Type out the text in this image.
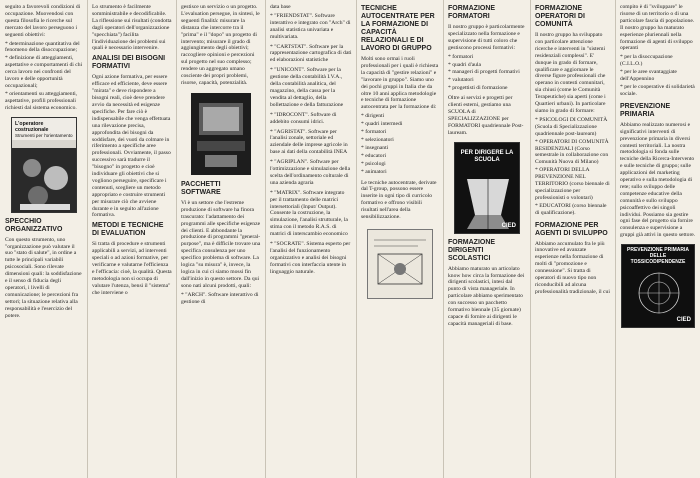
seguito a favorevoli condizioni di occupazione. Muovendosi con questa filosofia le ricerche sul mercato del lavoro perseguono i seguenti obiettivi:

* determinazione quantitativa del fenomeno della disoccupazione;
* definizione di atteggiamenti, aspettative e comportamenti di chi cerca lavoro nei confronti del lavoro e delle opportunità occupazionali;
* orientamenti su atteggiamenti, aspettative, profili professionali richiesti dal sistema economico.
L'operatore costruzionale
Strumenti per l'orientamento
SPECCHIO ORGANIZZATIVO

Con questo strumento, uno "organizzazione può valutare il suo "stato di salute", in ordine a tutte le principali variabili psicosociali. Sono rilevate dimensioni quali: la soddisfazione e il senso di fiducia degli operatori, i livelli di comunicazione; le percezioni fra settori; la situazione relativa alla responsabilità e l'esercizio del potere.

Lo strumento è facilmente somministrabile e decodificabile. La riflessione sui risultati (condotta dagli operatori dell'organizzazione "specchiata") facilita l'individuazione dei problemi sui quali è necessario intervenire.

ANALISI DEI BISOGNI FORMATIVI

Ogni azione formativa, per essere efficace ed efficiente, deve essere "mirata" e deve rispondere a bisogni reali, cioè deve prendere avvio da necessità ed esigenze specifiche. Per fare ciò è indispensabile che venga effettuata una rilevazione precisa, approfondita dei bisogni da soddisfare, dei vuoti da colmare in riferimento a specifiche aree professionali. Ovviamente, il passo successivo sarà tradurre il "bisogno" in progetto e cioè individuare gli obiettivi che si vogliono perseguire, specificare i contenuti, scegliere un metodo appropriato e costruire strumenti per misurare ciò che avviene durante e in seguito all'azione formativa.

METODI E TECNICHE DI EVALUATION

Si tratta di procedure e strumenti applicabili a servizi, ad interventi speciali o ad azioni formative, per verificarne e valutarne l'efficienza e l'efficacia: cioè, la qualità. Questa metodologia non si occupa di valutare l'utenza, bensì il "sistema" che interviene o

gestisce un servizio o un progetto. L'evaluation persegue, in sintesi, le seguenti finalità: misurare la distanza che intercorre tra il "prima" e il "dopo" un progetto di intervento; misurare il grado di aggiungimento degli obiettivi; raccogliere opinioni e percezioni sul progetto nel suo complesso; rendere un aggregato umano cosciente dei propri problemi, risorse, capacità, potenzialità.

PACCHETTI SOFTWARE

Vi è un settore che l'estreme produzione di software ha finora trascurato: l'adattamento dei programmi alle specifiche esigenze dei clienti. E abbondante la produzione di programmi "general-purpose", ma è difficile trovare una specifica consulenza per uno specifico problema di software. La logica "su misura" è, invece, la logica in cui ci siamo mossi fin dall'inizio in questo settore. Da qui sono nati alcuni prodotti, quali:

* "ARCH". Software interattivo di gestione di

data base

* "FRIENDSTAT". Software interattivo e integrato con "Arch" di analisi statistica univariata e multivariata.
* "CARTSTAT". Software per la rappresentazione cartografica di dati ed elaborazioni statistiche
* "UNICONT". Software per la gestione della contabilità I.V.A., della contabilità analitica, del magazzino, della cassa per la vendita al dettaglio, della bollettazione e della fatturazione
* "IDROCONT". Software di addebito consumi idrici.
* "AGRISTAT". Software per l'analisi zonale, settoriale ed aziendale delle imprese agricole in base ai dati della contabilità INEA
* "AGRIPLAN". Software per l'ottimizzazione e simulazione della scelta dell'ordinamento colturale di una azienda agraria
* "MATRIX". Software integrato per il trattamento delle matrici intersettoriali (Input/ Output). Consente la costruzione, la simulazione, l'analisi strutturale, la stima con il metodo R.A.S. di matrici di interscambio economico
* "SOCRATE". Sistema esperto per l'analisi del funzionamento organizzativo e analisi dei bisogni formativi con interfaccia utente in linguaggio naturale.
TECNICHE AUTOCENTRATE PER LA FORMAZIONE DI CAPACITÀ RELAZIONALI E DI LAVORO DI GRUPPO

Molti sono ormai i ruoli professionali per i quali è richiesta la capacità di "gestire relazioni" e "lavorare in gruppo". Siamo uno dei pochi gruppi in Italia che da oltre 10 anni applica metodologie e tecniche di formazione autocentrata per la formazione di:

* dirigenti
* quadri intermedi
* formatori
* selezionatori
* insegnanti
* educatori
* psicologi
* animatori

Le tecniche autocentrate, derivate dal T-group, possono essere inserite in ogni tipo di curricolo formativo e offrono visibili risultati nell'area della sensibilizzazione.

FORMAZIONE FORMATORI

Il nostro gruppo è particolarmente specializzato nella formazione e supervisione di tutti coloro che gestiscono processi formativi:

* formatori
* quadri d'aula
* manageri di progetti formativi
* valutatori
* progettisti di formazione

Oltre ai servizi e progetti per clienti esterni, gestiamo una SCUOLA di SPECIALIZZAZIONE per FORMATORI quadriennale Post-lauream.

PER DIRIGERE LA SCUOLA
CIED
FORMAZIONE DIRIGENTI SCOLASTICI

Abbiamo maturato un articolato know how circa la formazione dei dirigenti scolastici, intesi dal punto di vista manageriale. In particolare abbiamo sperimentato con successo un pacchetto formativo biennale (35 giornate) capace di fornire ai dirigenti le capacità manageriali di base.

FORMAZIONE OPERATORI DI COMUNITÀ

Il nostro gruppo ha sviluppato con particolare attenzione ricerche e interventi in "sistemi residenziali complessi". E' dunque in grado di formare, qualificare e aggiornare le diverse figure professionali che operano in contesti comunitari, sia chiusi (come le Comunità Terapeutiche) sia aperti (come i Quartieri urbani). In particolare siamo in grado di formare:

* PSICOLOGI DI COMUNITÀ (Scuola di Specializzazione quadriennale post-lauream)
* OPERATORI DI COMUNITÀ RESIDENZIALI (Corso semestrale in collaborazione con Comunità Nuova di Milano)
* OPERATORI DELLA PREVENZIONE NEL TERRITORIO (corso biennale di specializzazione per professionisti o volontari)
* EDUCATORI (corso biennale di qualificazione).
FORMAZIONE PER AGENTI DI SVILUPPO

Abbiamo accumulato fra le più innovative ed avanzate esperienze nella formazione di molti di "promozione e connessione". Si tratta di operatori di nuovo tipo non riconducibili ad alcuna professionalità tradizionale, il cui

compito è di "sviluppare" le risorse di un territorio o di una particolare fascia di popolazione. Il nostro gruppo ha maturato esperienze pluriennali nella formazione di agenti di sviluppo operanti

* per la disoccupazione (C.I.L.O.)
* per le aree svantaggiate dell'Appennino
* per le cooperative di solidarietà sociale.
PREVENZIONE PRIMARIA

Abbiamo realizzato numerosi e significativi interventi di prevenzione primaria in diversi contesti territoriali. La nostra metodologia si fonda sulle tecniche della Ricerca-Intervento e sulle tecniche di gruppo; sulle applicazioni del marketing operativo e sulla metodologia di rete; sullo sviluppo delle competenze educative della comunità e sullo sviluppo psicoaffettivo dei singoli individui. Possiamo sia gestire ogni fase del progetto sia fornire consulenza e supervisione a gruppi già attivi in questo settore.

PREVENZIONE PRIMARIA DELLE TOSSICODIPENDENZE
CIED
